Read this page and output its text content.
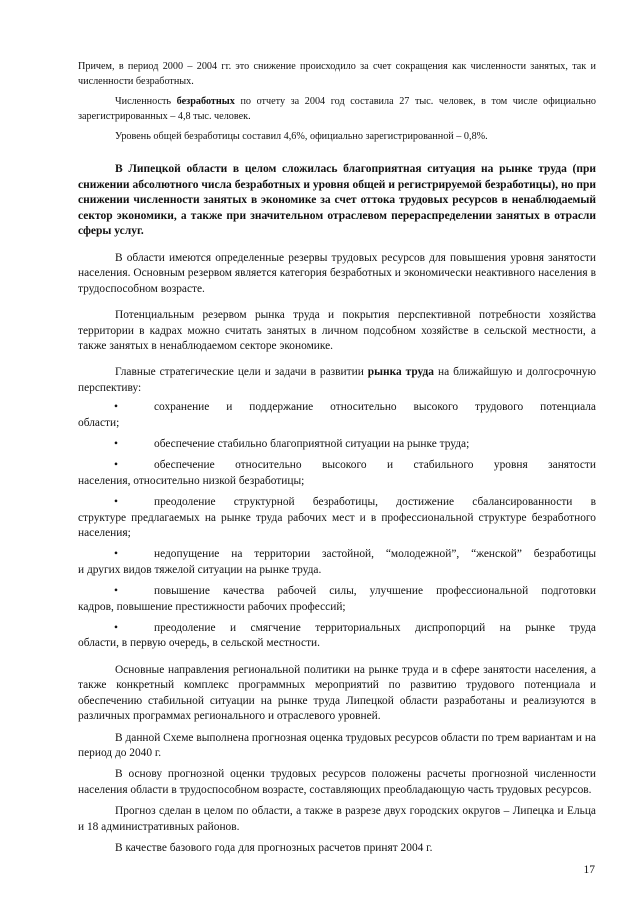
Причем, в период 2000 – 2004 гг. это снижение происходило за счет сокращения как численности занятых, так и численности безработных.

Численность безработных по отчету за 2004 год составила 27 тыс. человек, в том числе официально зарегистрированных – 4,8 тыс. человек.

Уровень общей безработицы составил 4,6%, официально зарегистрированной – 0,8%.

В Липецкой области в целом сложилась благоприятная ситуация на рынке труда (при снижении абсолютного числа безработных и уровня общей и регистрируемой безработицы), но при снижении численности занятых в экономике за счет оттока трудовых ресурсов в ненаблюдаемый сектор экономики, а также при значительном отраслевом перераспределении занятых в отрасли сферы услуг.

В области имеются определенные резервы трудовых ресурсов для повышения уровня занятости населения. Основным резервом является категория безработных и экономически неактивного населения в трудоспособном возрасте.

Потенциальным резервом рынка труда и покрытия перспективной потребности хозяйства территории в кадрах можно считать занятых в личном подсобном хозяйстве в сельской местности, а также занятых в ненаблюдаемом секторе экономике.

Главные стратегические цели и задачи в развитии рынка труда на ближайшую и долгосрочную перспективу:

•	сохранение и поддержание относительно высокого трудового потенциала
области;
•	обеспечение стабильно благоприятной ситуации на рынке труда;
•	обеспечение относительно высокого и стабильного уровня занятости
населения, относительно низкой безработицы;
•	преодоление структурной безработицы, достижение сбалансированности в
структуре предлагаемых на рынке труда рабочих мест и в профессиональной структуре безработного населения;
•	недопущение на территории застойной, “молодежной”, “женской” безработицы
и других видов тяжелой ситуации на рынке труда.
•	повышение качества рабочей силы, улучшение профессиональной подготовки
кадров, повышение престижности рабочих профессий;
•	преодоление и смягчение территориальных диспропорций на рынке труда
области, в первую очередь, в сельской местности.

Основные направления региональной политики на рынке труда и в сфере занятости населения, а также конкретный комплекс программных мероприятий по развитию трудового потенциала и обеспечению стабильной ситуации на рынке труда Липецкой области разработаны и реализуются в различных программах регионального и отраслевого уровней.

В данной Схеме выполнена прогнозная оценка трудовых ресурсов области по трем вариантам и на период до 2040 г.

В основу прогнозной оценки трудовых ресурсов положены расчеты прогнозной численности населения области в трудоспособном возрасте, составляющих преобладающую часть трудовых ресурсов.

Прогноз сделан в целом по области, а также в разрезе двух городских округов – Липецка и Ельца и 18 административных районов.

В качестве базового года для прогнозных расчетов принят 2004 г.

17
